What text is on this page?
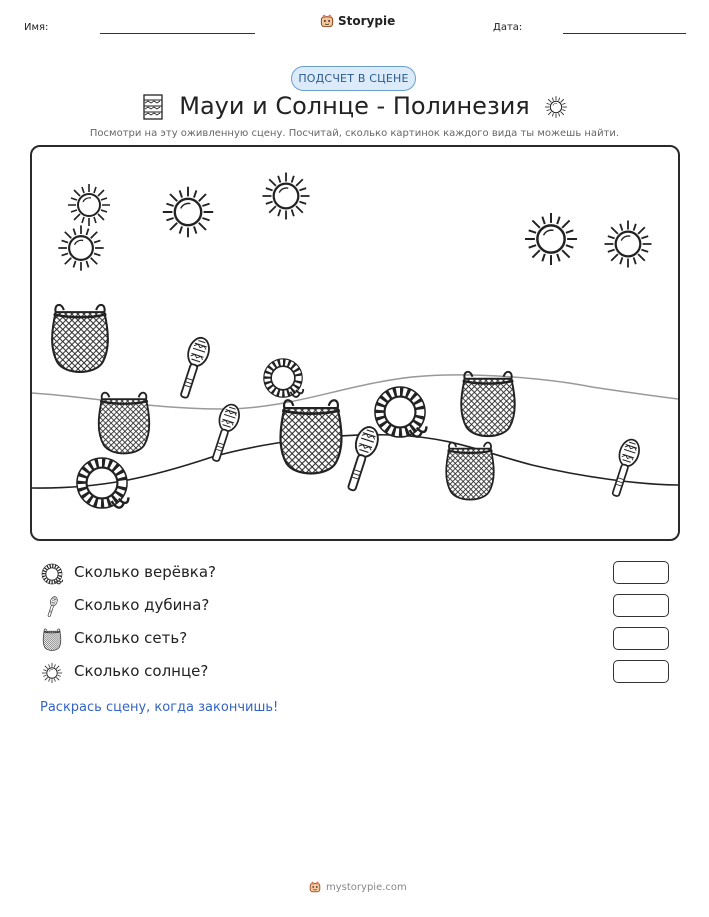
Имя:	Storypie	Дата:
ПОДСЧЕТ В СЦЕНЕ
Мауи и Солнце - Полинезия
Посмотри на эту оживленную сцену. Посчитай, сколько картинок каждого вида ты можешь найти.
Сколько верёвка?
Сколько дубина?
Сколько сеть?
Сколько солнце?
Раскрась сцену, когда закончишь!
mystorypie.com
